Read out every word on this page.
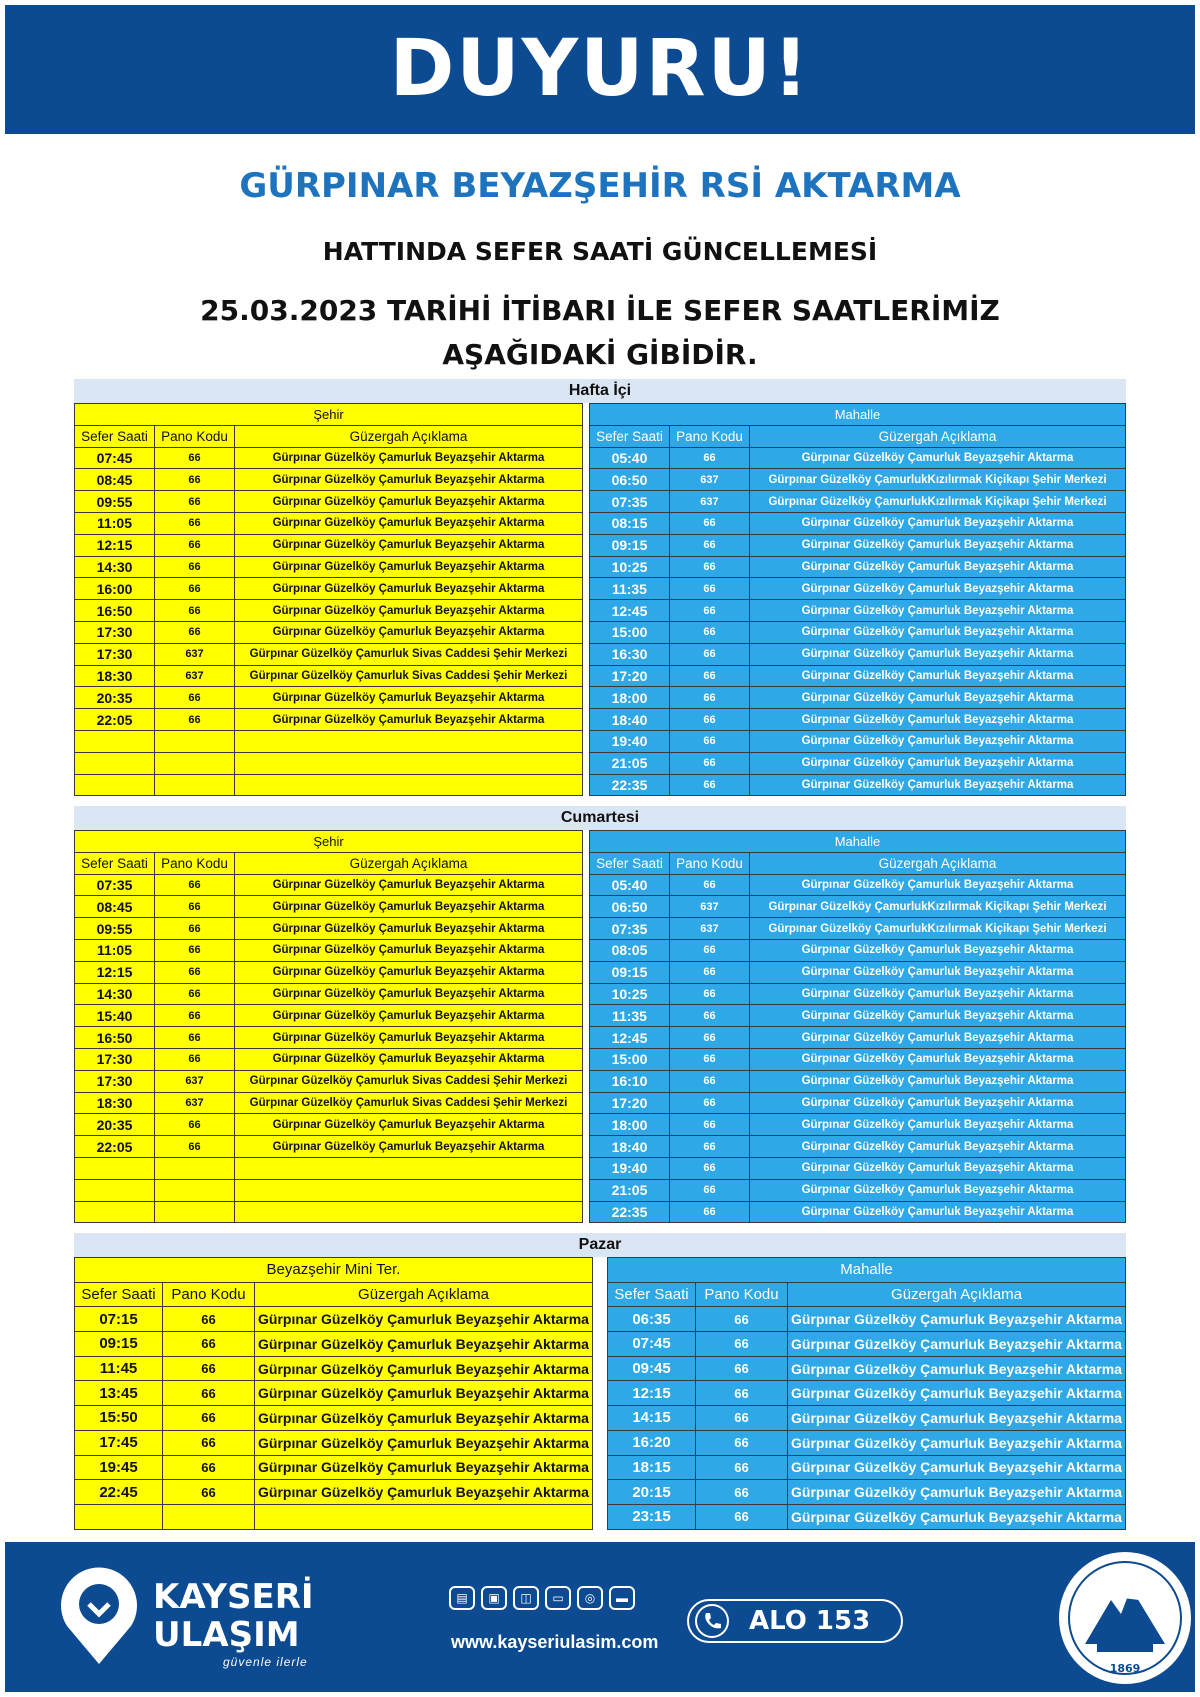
DUYURU!
GÜRPINAR BEYAZŞEHİR RSİ AKTARMA
HATTINDA SEFER SAATİ GÜNCELLEMESİ
25.03.2023 TARİHİ İTİBARI İLE SEFER SAATLERİMİZ
AŞAĞIDAKİ GİBİDİR.
Hafta İçi
Şehir		
Sefer Saati	Pano Kodu	Güzergah Açıklama
07:45	66	Gürpınar Güzelköy Çamurluk Beyazşehir Aktarma
08:45	66	Gürpınar Güzelköy Çamurluk Beyazşehir Aktarma
09:55	66	Gürpınar Güzelköy Çamurluk Beyazşehir Aktarma
11:05	66	Gürpınar Güzelköy Çamurluk Beyazşehir Aktarma
12:15	66	Gürpınar Güzelköy Çamurluk Beyazşehir Aktarma
14:30	66	Gürpınar Güzelköy Çamurluk Beyazşehir Aktarma
16:00	66	Gürpınar Güzelköy Çamurluk Beyazşehir Aktarma
16:50	66	Gürpınar Güzelköy Çamurluk Beyazşehir Aktarma
17:30	66	Gürpınar Güzelköy Çamurluk Beyazşehir Aktarma
17:30	637	Gürpınar Güzelköy Çamurluk Sivas Caddesi Şehir Merkezi
18:30	637	Gürpınar Güzelköy Çamurluk Sivas Caddesi Şehir Merkezi
20:35	66	Gürpınar Güzelköy Çamurluk Beyazşehir Aktarma
22:05	66	Gürpınar Güzelköy Çamurluk Beyazşehir Aktarma

Mahalle		
Sefer Saati	Pano Kodu	Güzergah Açıklama
05:40	66	Gürpınar Güzelköy Çamurluk Beyazşehir Aktarma
06:50	637	Gürpınar Güzelköy ÇamurlukKızılırmak Kiçikapı Şehir Merkezi
07:35	637	Gürpınar Güzelköy ÇamurlukKızılırmak Kiçikapı Şehir Merkezi
08:15	66	Gürpınar Güzelköy Çamurluk Beyazşehir Aktarma
09:15	66	Gürpınar Güzelköy Çamurluk Beyazşehir Aktarma
10:25	66	Gürpınar Güzelköy Çamurluk Beyazşehir Aktarma
11:35	66	Gürpınar Güzelköy Çamurluk Beyazşehir Aktarma
12:45	66	Gürpınar Güzelköy Çamurluk Beyazşehir Aktarma
15:00	66	Gürpınar Güzelköy Çamurluk Beyazşehir Aktarma
16:30	66	Gürpınar Güzelköy Çamurluk Beyazşehir Aktarma
17:20	66	Gürpınar Güzelköy Çamurluk Beyazşehir Aktarma
18:00	66	Gürpınar Güzelköy Çamurluk Beyazşehir Aktarma
18:40	66	Gürpınar Güzelköy Çamurluk Beyazşehir Aktarma
19:40	66	Gürpınar Güzelköy Çamurluk Beyazşehir Aktarma
21:05	66	Gürpınar Güzelköy Çamurluk Beyazşehir Aktarma
22:35	66	Gürpınar Güzelköy Çamurluk Beyazşehir Aktarma
Cumartesi
Şehir		
Sefer Saati	Pano Kodu	Güzergah Açıklama
07:35	66	Gürpınar Güzelköy Çamurluk Beyazşehir Aktarma
08:45	66	Gürpınar Güzelköy Çamurluk Beyazşehir Aktarma
09:55	66	Gürpınar Güzelköy Çamurluk Beyazşehir Aktarma
11:05	66	Gürpınar Güzelköy Çamurluk Beyazşehir Aktarma
12:15	66	Gürpınar Güzelköy Çamurluk Beyazşehir Aktarma
14:30	66	Gürpınar Güzelköy Çamurluk Beyazşehir Aktarma
15:40	66	Gürpınar Güzelköy Çamurluk Beyazşehir Aktarma
16:50	66	Gürpınar Güzelköy Çamurluk Beyazşehir Aktarma
17:30	66	Gürpınar Güzelköy Çamurluk Beyazşehir Aktarma
17:30	637	Gürpınar Güzelköy Çamurluk Sivas Caddesi Şehir Merkezi
18:30	637	Gürpınar Güzelköy Çamurluk Sivas Caddesi Şehir Merkezi
20:35	66	Gürpınar Güzelköy Çamurluk Beyazşehir Aktarma
22:05	66	Gürpınar Güzelköy Çamurluk Beyazşehir Aktarma

Mahalle		
Sefer Saati	Pano Kodu	Güzergah Açıklama
05:40	66	Gürpınar Güzelköy Çamurluk Beyazşehir Aktarma
06:50	637	Gürpınar Güzelköy ÇamurlukKızılırmak Kiçikapı Şehir Merkezi
07:35	637	Gürpınar Güzelköy ÇamurlukKızılırmak Kiçikapı Şehir Merkezi
08:05	66	Gürpınar Güzelköy Çamurluk Beyazşehir Aktarma
09:15	66	Gürpınar Güzelköy Çamurluk Beyazşehir Aktarma
10:25	66	Gürpınar Güzelköy Çamurluk Beyazşehir Aktarma
11:35	66	Gürpınar Güzelköy Çamurluk Beyazşehir Aktarma
12:45	66	Gürpınar Güzelköy Çamurluk Beyazşehir Aktarma
15:00	66	Gürpınar Güzelköy Çamurluk Beyazşehir Aktarma
16:10	66	Gürpınar Güzelköy Çamurluk Beyazşehir Aktarma
17:20	66	Gürpınar Güzelköy Çamurluk Beyazşehir Aktarma
18:00	66	Gürpınar Güzelköy Çamurluk Beyazşehir Aktarma
18:40	66	Gürpınar Güzelköy Çamurluk Beyazşehir Aktarma
19:40	66	Gürpınar Güzelköy Çamurluk Beyazşehir Aktarma
21:05	66	Gürpınar Güzelköy Çamurluk Beyazşehir Aktarma
22:35	66	Gürpınar Güzelköy Çamurluk Beyazşehir Aktarma
Pazar
Beyazşehir Mini Ter.		
Sefer Saati	Pano Kodu	Güzergah Açıklama
07:15	66	Gürpınar Güzelköy Çamurluk Beyazşehir Aktarma
09:15	66	Gürpınar Güzelköy Çamurluk Beyazşehir Aktarma
11:45	66	Gürpınar Güzelköy Çamurluk Beyazşehir Aktarma
13:45	66	Gürpınar Güzelköy Çamurluk Beyazşehir Aktarma
15:50	66	Gürpınar Güzelköy Çamurluk Beyazşehir Aktarma
17:45	66	Gürpınar Güzelköy Çamurluk Beyazşehir Aktarma
19:45	66	Gürpınar Güzelköy Çamurluk Beyazşehir Aktarma
22:45	66	Gürpınar Güzelköy Çamurluk Beyazşehir Aktarma

Mahalle		
Sefer Saati	Pano Kodu	Güzergah Açıklama
06:35	66	Gürpınar Güzelköy Çamurluk Beyazşehir Aktarma
07:45	66	Gürpınar Güzelköy Çamurluk Beyazşehir Aktarma
09:45	66	Gürpınar Güzelköy Çamurluk Beyazşehir Aktarma
12:15	66	Gürpınar Güzelköy Çamurluk Beyazşehir Aktarma
14:15	66	Gürpınar Güzelköy Çamurluk Beyazşehir Aktarma
16:20	66	Gürpınar Güzelköy Çamurluk Beyazşehir Aktarma
18:15	66	Gürpınar Güzelköy Çamurluk Beyazşehir Aktarma
20:15	66	Gürpınar Güzelköy Çamurluk Beyazşehir Aktarma
23:15	66	Gürpınar Güzelköy Çamurluk Beyazşehir Aktarma
KAYSERİ
ULAŞIM
güvenle ilerle
▤	▣	◫	▭	◎	▬
www.kayseriulasim.com
ALO 153
1869
